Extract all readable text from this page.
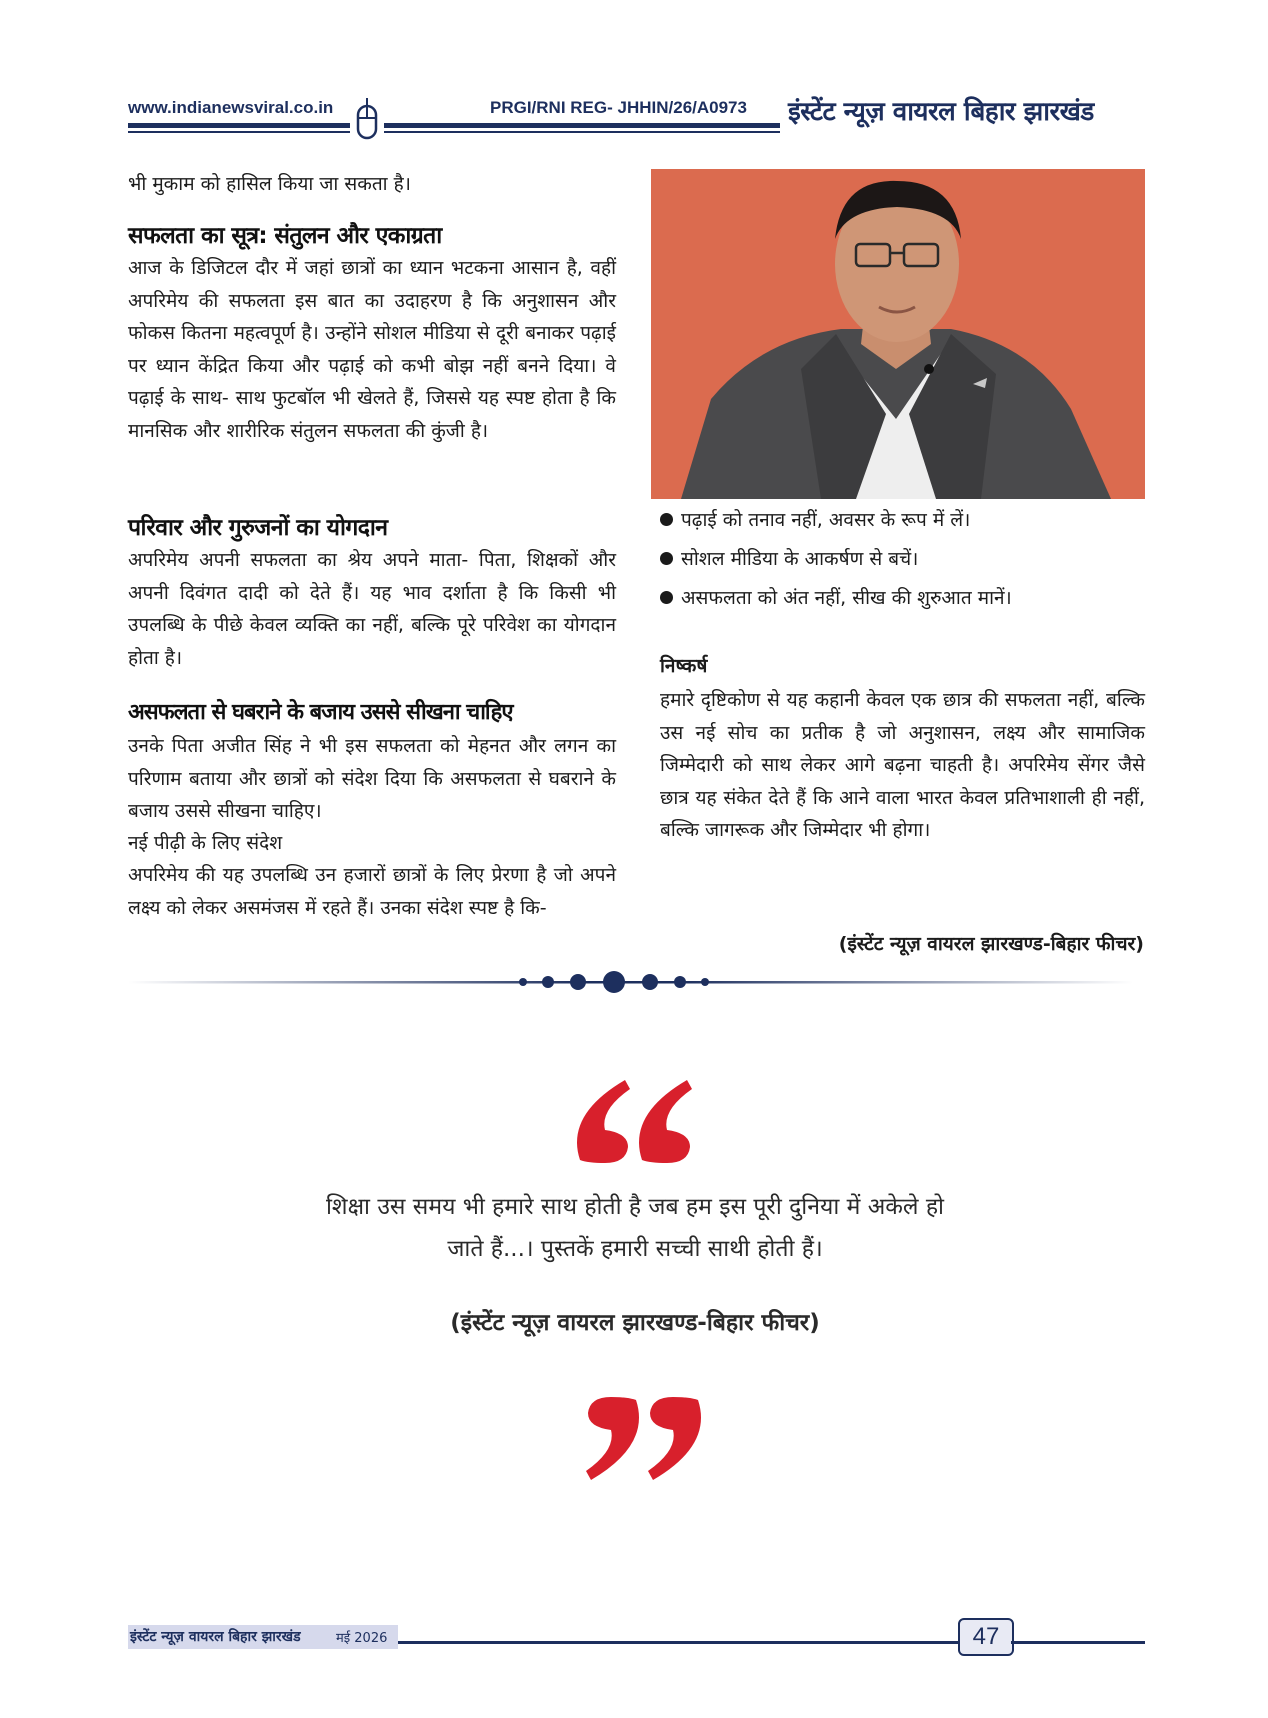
www.indianewsviral.co.in	PRGI/RNI REG- JHHIN/26/A0973 इंस्टेंट न्यूज़ वायरल बिहार झारखंड
भी मुकाम को हासिल किया जा सकता है।
सफलता का सूत्र: संतुलन और एकाग्रता
आज के डिजिटल दौर में जहां छात्रों का ध्यान भटकना आसान है, वहीं अपरिमेय की सफलता इस बात का उदाहरण है कि अनुशासन और फोकस कितना महत्वपूर्ण है। उन्होंने सोशल मीडिया से दूरी बनाकर पढ़ाई पर ध्यान केंद्रित किया और पढ़ाई को कभी बोझ नहीं बनने दिया। वे पढ़ाई के साथ- साथ फुटबॉल भी खेलते हैं, जिससे यह स्पष्ट होता है कि मानसिक और शारीरिक संतुलन सफलता की कुंजी है।
परिवार और गुरुजनों का योगदान
अपरिमेय अपनी सफलता का श्रेय अपने माता- पिता, शिक्षकों और अपनी दिवंगत दादी को देते हैं। यह भाव दर्शाता है कि किसी भी उपलब्धि के पीछे केवल व्यक्ति का नहीं, बल्कि पूरे परिवेश का योगदान होता है।
असफलता से घबराने के बजाय उससे सीखना चाहिए
उनके पिता अजीत सिंह ने भी इस सफलता को मेहनत और लगन का परिणाम बताया और छात्रों को संदेश दिया कि असफलता से घबराने के बजाय उससे सीखना चाहिए।
नई पीढ़ी के लिए संदेश
अपरिमेय की यह उपलब्धि उन हजारों छात्रों के लिए प्रेरणा है जो अपने लक्ष्य को लेकर असमंजस में रहते हैं। उनका संदेश स्पष्ट है कि-
पढ़ाई को तनाव नहीं, अवसर के रूप में लें।
सोशल मीडिया के आकर्षण से बचें।
असफलता को अंत नहीं, सीख की शुरुआत मानें।
निष्कर्ष
हमारे दृष्टिकोण से यह कहानी केवल एक छात्र की सफलता नहीं, बल्कि उस नई सोच का प्रतीक है जो अनुशासन, लक्ष्य और सामाजिक जिम्मेदारी को साथ लेकर आगे बढ़ना चाहती है। अपरिमेय सेंगर जैसे छात्र यह संकेत देते हैं कि आने वाला भारत केवल प्रतिभाशाली ही नहीं, बल्कि जागरूक और जिम्मेदार भी होगा।
(इंस्टेंट न्यूज़ वायरल झारखण्ड-बिहार फीचर)
शिक्षा उस समय भी हमारे साथ होती है जब हम इस पूरी दुनिया में अकेले हो
जाते हैं...। पुस्तकें हमारी सच्ची साथी होती हैं।
(इंस्टेंट न्यूज़ वायरल झारखण्ड-बिहार फीचर)
इंस्टेंट न्यूज़ वायरल बिहार झारखंड	मई 2026	47
